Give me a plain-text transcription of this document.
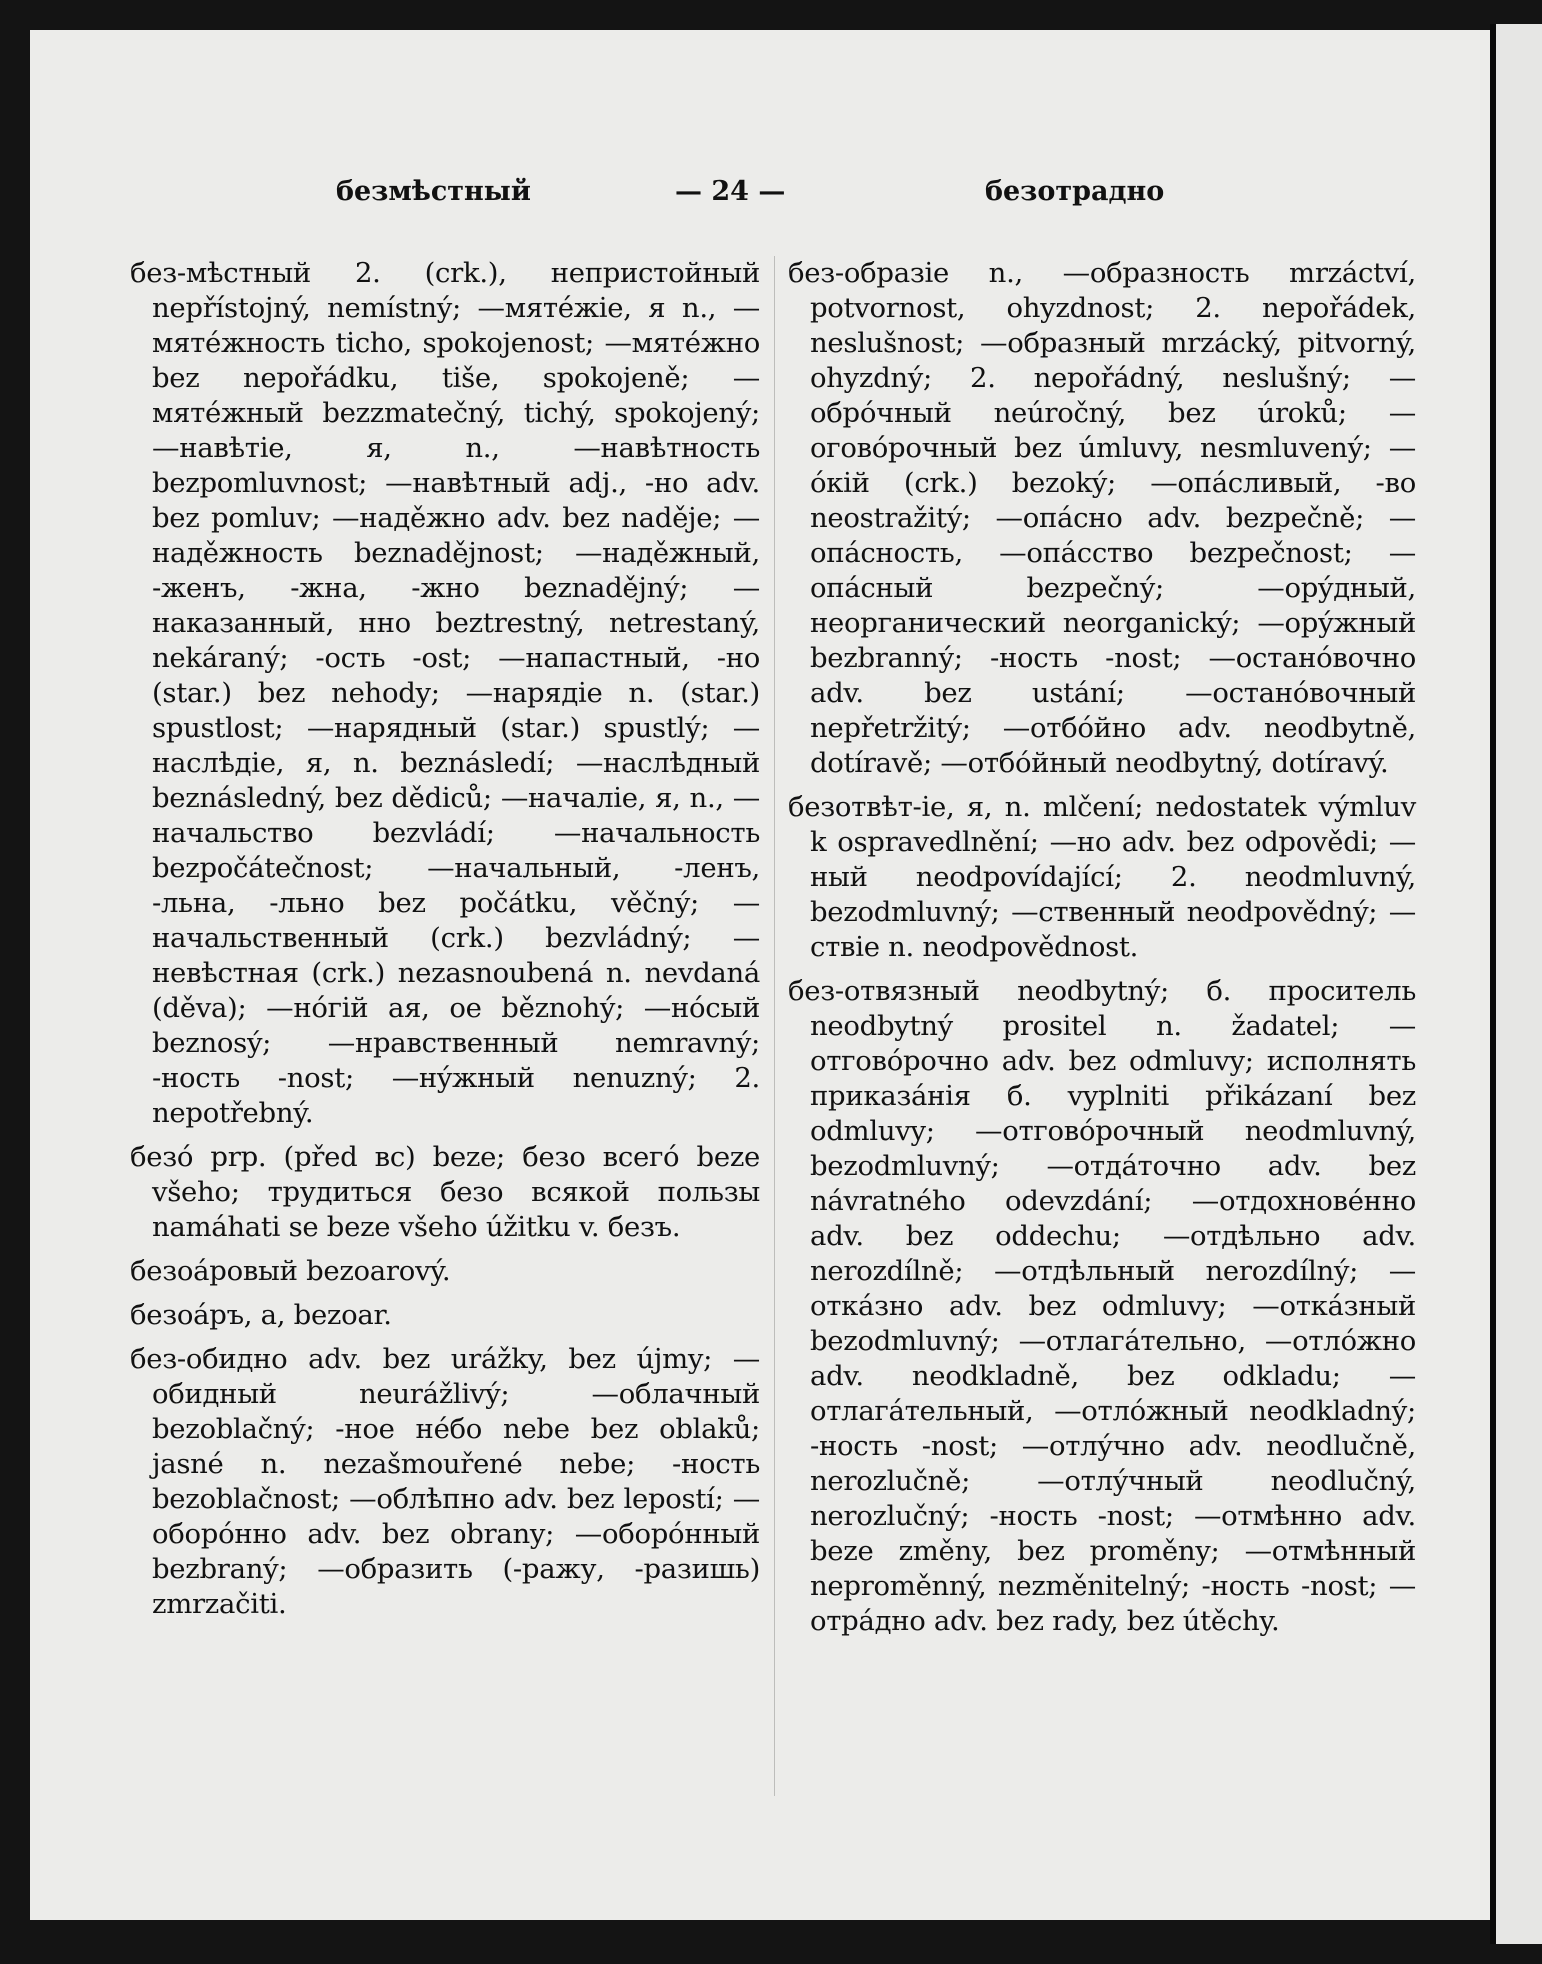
безмѣстный	— 24 —	безотрадно

без-мѣстный 2. (crk.), непристойный nepřístojný, nemístný; —мятéжie, я n., —мятéжность ticho, spokojenost; —мятéжно bez nepořádku, tiše, spokojeně; —мятéжный bezzmatečný, tichý, spokojený; —навѣтie, я, n., —навѣтность bezpomluvnost; —навѣтный adj., -но adv. bez pomluv; —надěжно adv. bez naděje; —надěжность beznadějnost; —надěжный, -женъ, -жна, -жно beznadějný; —наказанный, нно beztrestný, netrestaný, nekáraný; -ость -ost; —напастный, -но (star.) bez nehody; —нарядie n. (star.) spustlost; —нарядный (star.) spustlý; —наслѣдie, я, n. beznásledí; —наслѣдный beznásledný, bez dědiců; —началie, я, n., —начальство bezvládí; —начальность bezpočátečnost; —начальный, -ленъ, -льна, -льно bez počátku, věčný; —начальственный (crk.) bezvládný; —невѣстная (crk.) nezasnoubená n. nevdaná (děva); —нóгiй ая, ое běznohý; —нóсый beznosý; —нравственный nemravný; -ность -nost; —нýжный nenuzný; 2. nepotřebný.

безó prp. (před вс) beze; безо всегó beze všeho; трудиться безо всякой пользы namáhati se beze všeho úžitku v. безъ.

безоáровый bezoarový.

безоáръ, а, bezoar.

без-обидно adv. bez urážky, bez újmy; —обидный neurážlivý; —облачный bezoblačný; -ное нéбо nebe bez oblaků; jasné n. nezašmouřené nebe; -ность bezoblačnost; —облѣпно adv. bez lepostí; —оборóнно adv. bez obrany; —оборóнный bezbraný; —образить (-ражу, -разишь) zmrzačiti.

без-образie n., —образность mrzáctví, potvornost, ohyzdnost; 2. nepořádek, neslušnost; —образный mrzácký, pitvorný, ohyzdný; 2. nepořádný, neslušný; —обрóчный neúročný, bez úroků; —оговóрочный bez úmluvy, nesmluvený; —óкiй (crk.) bezoký; —опáсливый, -во neostražitý; —опáсно adv. bezpečně; —опáсность, —опáсство bezpečnost; —опáсный bezpečný; —орýдный, неорганический neorganický; —орýжный bezbranný; -ность -nost; —останóвочно adv. bez ustání; —останóвочный nepřetržitý; —отбóйно adv. neodbytně, dotíravě; —отбóйный neodbytný, dotíravý.

безотвѣт-ie, я, n. mlčení; nedostatek výmluv k ospravedlnění; —но adv. bez odpovědi; —ный neodpovídající; 2. neodmluvný, bezodmluvný; —ственный neodpovědný; —ствie n. neodpovědnost.

без-отвязный neodbytný; б. проситель neodbytný prositel n. žadatel; —отговóрочно adv. bez odmluvy; исполнять приказáнiя б. vyplniti přikázaní bez odmluvy; —отговóрочный neodmluvný, bezodmluvný; —отдáточно adv. bez návratného odevzdání; —отдохновéнно adv. bez oddechu; —отдѣльно adv. nerozdílně; —отдѣльный nerozdílný; —откáзно adv. bez odmluvy; —откáзный bezodmluvný; —отлагáтельно, —отлóжно adv. neodkladně, bez odkladu; —отлагáтельный, —отлóжный neodkladný; -ность -nost; —отлýчно adv. neodlučně, nerozlučně; —отлýчный neodlučný, nerozlučný; -ность -nost; —отмѣнно adv. beze změny, bez proměny; —отмѣнный neproměnný, nezměnitelný; -ность -nost; —отрáдно adv. bez rady, bez útěchy.
